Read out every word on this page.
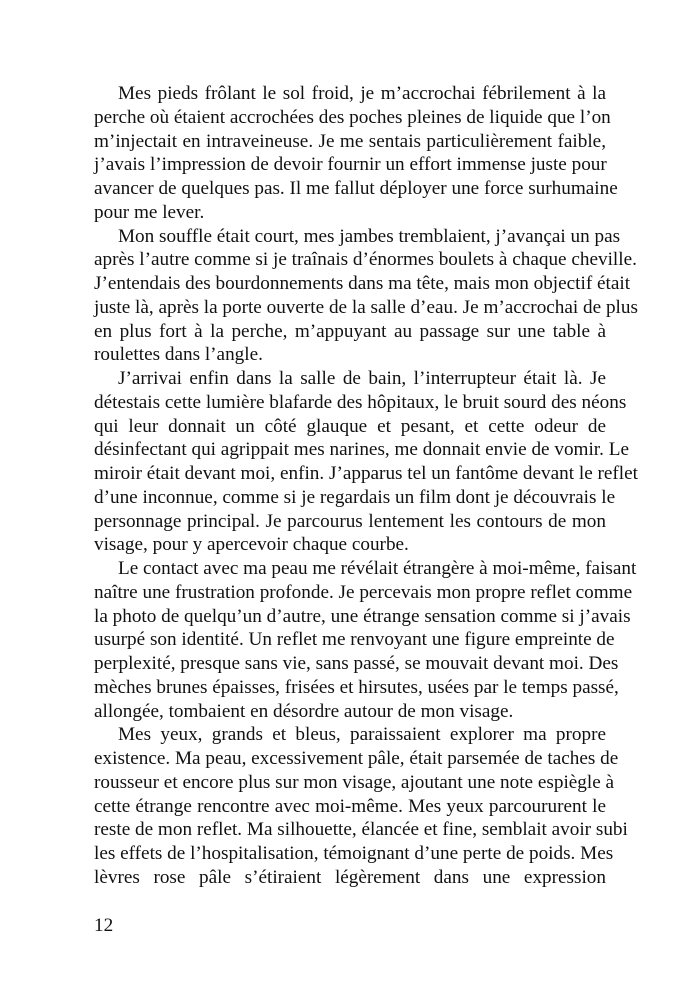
Mes pieds frôlant le sol froid, je m’accrochai fébrilement à la
perche où étaient accrochées des poches pleines de liquide que l’on
m’injectait en intraveineuse. Je me sentais particulièrement faible,
j’avais l’impression de devoir fournir un effort immense juste pour
avancer de quelques pas. Il me fallut déployer une force surhumaine
pour me lever.
Mon souffle était court, mes jambes tremblaient, j’avançai un pas
après l’autre comme si je traînais d’énormes boulets à chaque cheville.
J’entendais des bourdonnements dans ma tête, mais mon objectif était
juste là, après la porte ouverte de la salle d’eau. Je m’accrochai de plus
en plus fort à la perche, m’appuyant au passage sur une table à
roulettes dans l’angle.
J’arrivai enfin dans la salle de bain, l’interrupteur était là. Je
détestais cette lumière blafarde des hôpitaux, le bruit sourd des néons
qui leur donnait un côté glauque et pesant, et cette odeur de
désinfectant qui agrippait mes narines, me donnait envie de vomir. Le
miroir était devant moi, enfin. J’apparus tel un fantôme devant le reflet
d’une inconnue, comme si je regardais un film dont je découvrais le
personnage principal. Je parcourus lentement les contours de mon
visage, pour y apercevoir chaque courbe.
Le contact avec ma peau me révélait étrangère à moi-même, faisant
naître une frustration profonde. Je percevais mon propre reflet comme
la photo de quelqu’un d’autre, une étrange sensation comme si j’avais
usurpé son identité. Un reflet me renvoyant une figure empreinte de
perplexité, presque sans vie, sans passé, se mouvait devant moi. Des
mèches brunes épaisses, frisées et hirsutes, usées par le temps passé,
allongée, tombaient en désordre autour de mon visage.
Mes yeux, grands et bleus, paraissaient explorer ma propre
existence. Ma peau, excessivement pâle, était parsemée de taches de
rousseur et encore plus sur mon visage, ajoutant une note espiègle à
cette étrange rencontre avec moi-même. Mes yeux parcoururent le
reste de mon reflet. Ma silhouette, élancée et fine, semblait avoir subi
les effets de l’hospitalisation, témoignant d’une perte de poids. Mes
lèvres rose pâle s’étiraient légèrement dans une expression
12
